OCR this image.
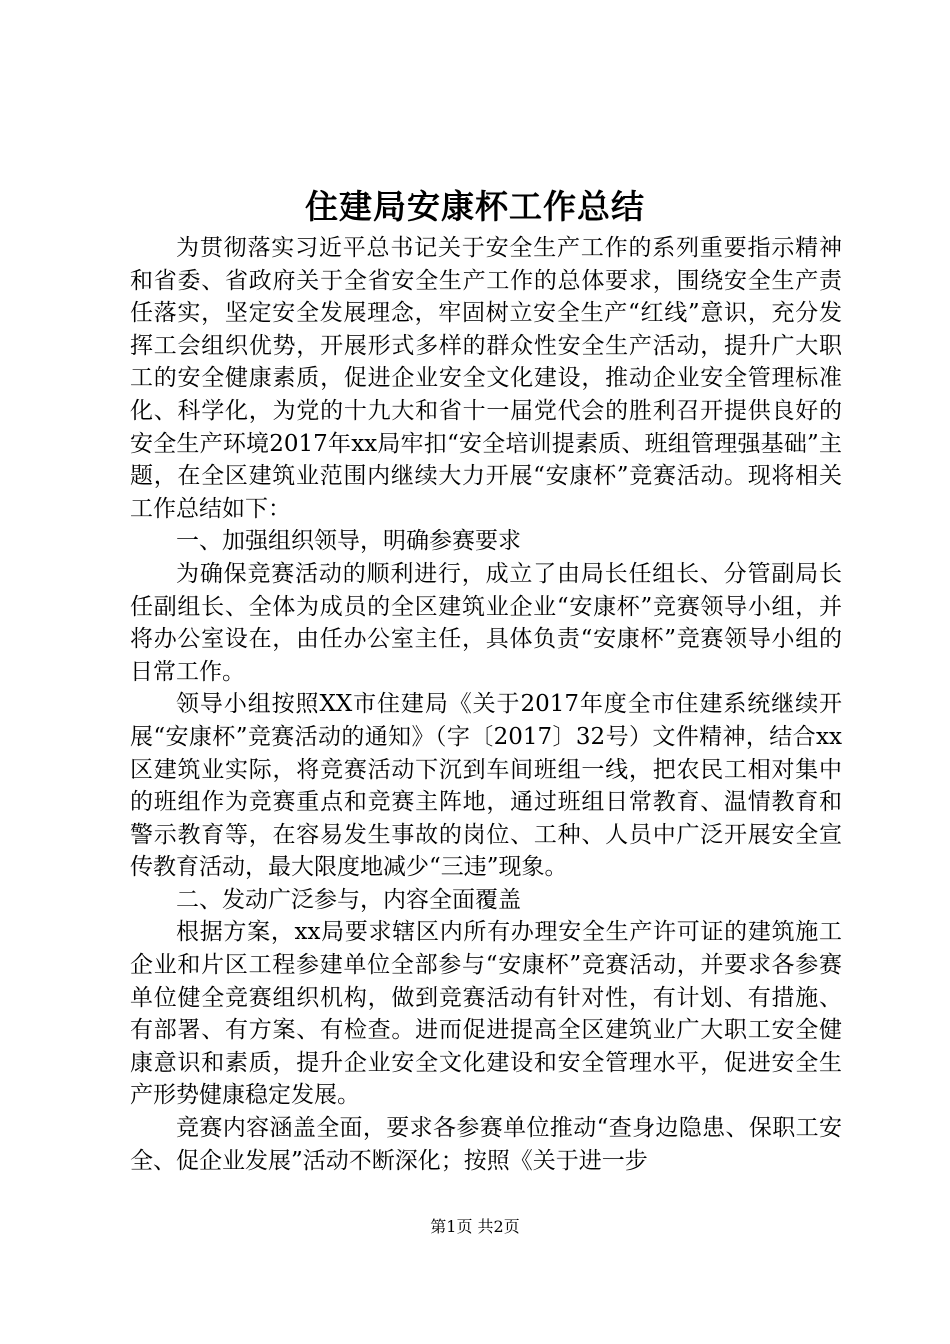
住建局安康杯工作总结

为贯彻落实习近平总书记关于安全生产工作的系列重要指示精神和省委、省政府关于全省安全生产工作的总体要求，围绕安全生产责任落实，坚定安全发展理念，牢固树立安全生产“红线”意识，充分发挥工会组织优势，开展形式多样的群众性安全生产活动，提升广大职工的安全健康素质，促进企业安全文化建设，推动企业安全管理标准化、科学化，为党的十九大和省十一届党代会的胜利召开提供良好的安全生产环境2017年xx局牢扣“安全培训提素质、班组管理强基础”主题，在全区建筑业范围内继续大力开展“安康杯”竞赛活动。现将相关工作总结如下：

一、加强组织领导，明确参赛要求

为确保竞赛活动的顺利进行，成立了由局长任组长、分管副局长任副组长、全体为成员的全区建筑业企业“安康杯”竞赛领导小组，并将办公室设在，由任办公室主任，具体负责“安康杯”竞赛领导小组的日常工作。

领导小组按照XX市住建局《关于2017年度全市住建系统继续开展“安康杯”竞赛活动的通知》（字〔2017〕32号）文件精神，结合xx区建筑业实际，将竞赛活动下沉到车间班组一线，把农民工相对集中的班组作为竞赛重点和竞赛主阵地，通过班组日常教育、温情教育和警示教育等，在容易发生事故的岗位、工种、人员中广泛开展安全宣传教育活动，最大限度地减少“三违”现象。

二、发动广泛参与，内容全面覆盖

根据方案，xx局要求辖区内所有办理安全生产许可证的建筑施工企业和片区工程参建单位全部参与“安康杯”竞赛活动，并要求各参赛单位健全竞赛组织机构，做到竞赛活动有针对性，有计划、有措施、有部署、有方案、有检查。进而促进提高全区建筑业广大职工安全健康意识和素质，提升企业安全文化建设和安全管理水平，促进安全生产形势健康稳定发展。

竞赛内容涵盖全面，要求各参赛单位推动“查身边隐患、保职工安全、促企业发展”活动不断深化；按照《关于进一步

第1页 共2页
